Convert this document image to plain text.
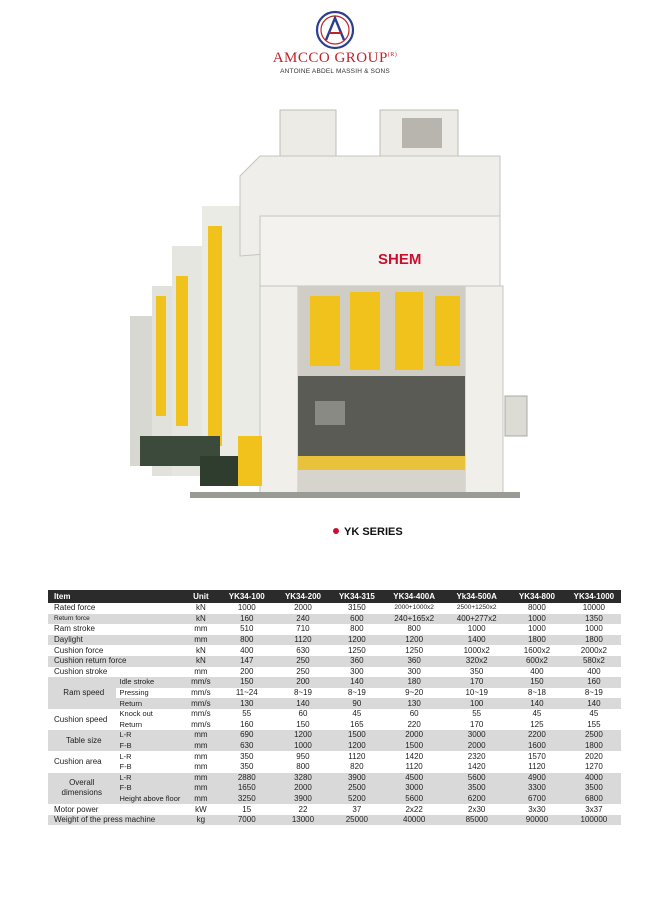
AMCCO $GROUP^{(R)}$
ANTOINE ABDEL MASSIH & SONS
SHEM
YK SERIES
Item		Unit	YK34-100	YK34-200	YK34-315	YK34-400A	Yk34-500A	YK34-800	YK34-1000
Rated force		kN	1000	2000	3150	2000+1000x2	2500+1250x2	8000	10000
Return force		kN	160	240	600	240+165x2	400+277x2	1000	1350
Ram stroke		mm	510	710	800	800	1000	1000	1000
Daylight		mm	800	1120	1200	1200	1400	1800	1800
Cushion force		kN	400	630	1250	1250	1000x2	1600x2	2000x2
Cushion return force		kN	147	250	360	360	320x2	600x2	580x2
Cushion stroke		mm	200	250	300	300	350	400	400
Ram speed	Idle stroke	mm/s	150	200	140	180	170	150	160
	Pressing	mm/s	11~24	8~19	8~19	9~20	10~19	8~18	8~19
	Return	mm/s	130	140	90	130	100	140	140
Cushion speed	Knock out	mm/s	55	60	45	60	55	45	45
	Return	mm/s	160	150	165	220	170	125	155
Table size	L-R	mm	690	1200	1500	2000	3000	2200	2500
	F-B	mm	630	1000	1200	1500	2000	1600	1800
Cushion area	L-R	mm	350	950	1120	1420	2320	1570	2020
	F-B	mm	350	800	820	1120	1420	1120	1270

Overall
dimensions	L-R	mm	2880	3280	3900	4500	5600	4900	4000
	F-B	mm	1650	2000	2500	3000	3500	3300	3500
	Height above floor	mm	3250	3900	5200	5600	6200	6700	6800
Motor power		kW	15	22	37	2x22	2x30	3x30	3x37
Weight of the press machine		kg	7000	13000	25000	40000	85000	90000	100000
